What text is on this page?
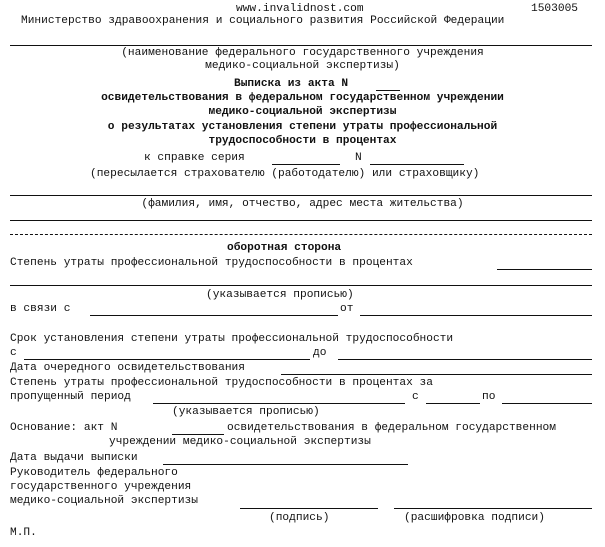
www.invalidnost.com	1503005
Министерство здравоохранения и социального развития Российской Федерации
(наименование федерального государственного учреждения
медико-социальной экспертизы)
Выписка из акта N
освидетельствования в федеральном государственном учреждении
медико-социальной экспертизы
о результатах установления степени утраты профессиональной
трудоспособности в процентах
к справке серия	N
(пересылается страхователю (работодателю) или страховщику)
(фамилия, имя, отчество, адрес места жительства)
оборотная сторона
Степень утраты профессиональной трудоспособности в процентах
(указывается прописью)
в связи с	от
Срок установления степени утраты профессиональной трудоспособности
с	до
Дата очередного освидетельствования
Степень утраты профессиональной трудоспособности в процентах за
пропущенный период	с	по
(указывается прописью)
Основание: акт N	освидетельствования в федеральном государственном
учреждении медико-социальной экспертизы
Дата выдачи выписки
Руководитель федерального
государственного учреждения
медико-социальной экспертизы
(подпись)	(расшифровка подписи)
М.П.
